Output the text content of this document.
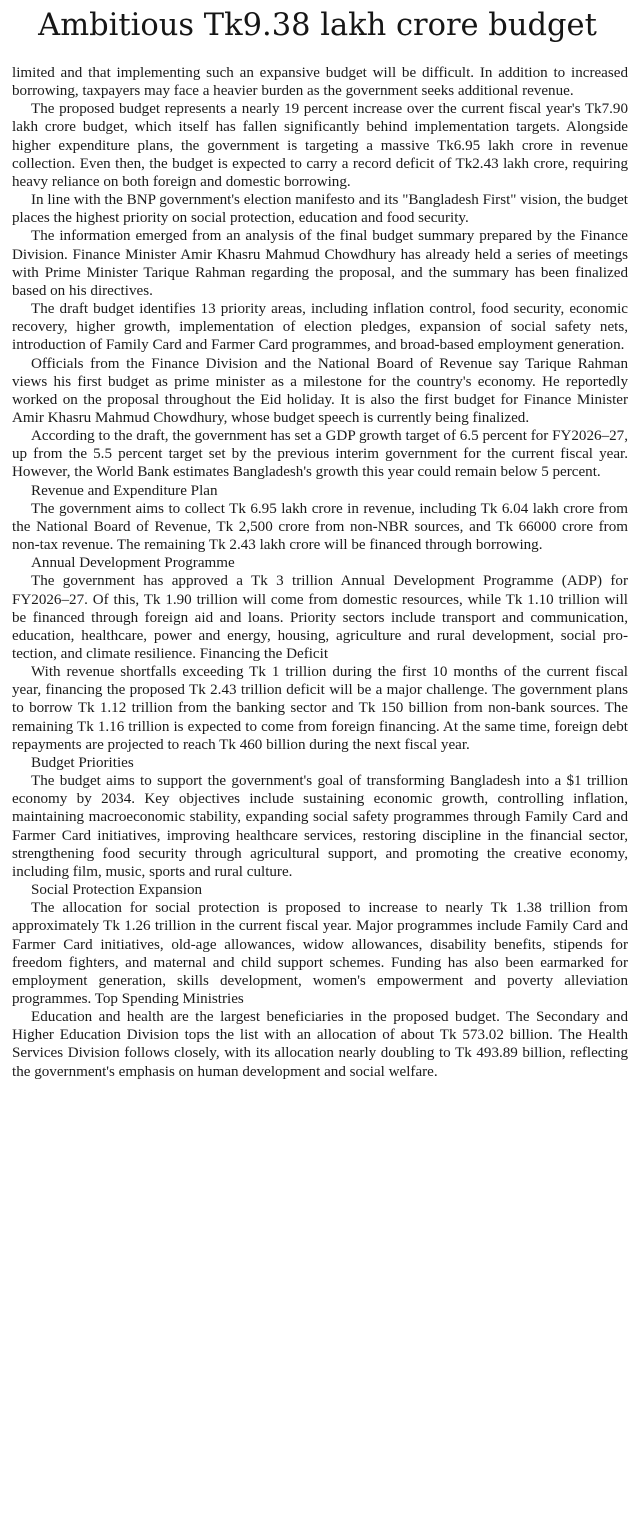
Ambitious Tk9.38 lakh crore budget

limited and that implementing such an expansive budget will be difficult. In addition to increased borrowing, taxpayers may face a heavier burden as the government seeks additional revenue.

The proposed budget represents a nearly 19 percent increase over the current fiscal year's Tk7.90 lakh crore budget, which itself has fallen significantly behind implementation targets. Alongside higher expenditure plans, the government is targeting a massive Tk6.95 lakh crore in revenue collection. Even then, the budget is expected to carry a record deficit of Tk2.43 lakh crore, requiring heavy reliance on both foreign and domestic borrowing.

In line with the BNP government's election manifesto and its "Bangladesh First" vision, the budget places the highest priority on social protection, education and food security.

The information emerged from an analysis of the final budget summary prepared by the Finance Division. Finance Minister Amir Khasru Mahmud Chowdhury has already held a series of meetings with Prime Minister Tarique Rahman regarding the proposal, and the summary has been finalized based on his directives.

The draft budget identifies 13 priority areas, including inflation control, food security, economic recovery, higher growth, implementation of election pledges, expansion of social safety nets, introduction of Family Card and Farmer Card programmes, and broad-based employment generation.

Officials from the Finance Division and the National Board of Revenue say Tarique Rahman views his first budget as prime minister as a milestone for the country's economy. He reportedly worked on the proposal throughout the Eid holiday. It is also the first budget for Finance Minister Amir Khasru Mahmud Chowdhury, whose budget speech is currently being finalized.

According to the draft, the government has set a GDP growth target of 6.5 percent for FY2026–27, up from the 5.5 percent target set by the previous interim government for the current fiscal year. However, the World Bank estimates Bangladesh's growth this year could remain below 5 percent.

Revenue and Expenditure Plan

The government aims to collect Tk 6.95 lakh crore in revenue, including Tk 6.04 lakh crore from the National Board of Revenue, Tk 2,500 crore from non-NBR sources, and Tk 66000 crore from non-tax revenue. The remaining Tk 2.43 lakh crore will be financed through borrowing.

Annual Development Programme

The government has approved a Tk 3 trillion Annual Development Programme (ADP) for FY2026–27. Of this, Tk 1.90 trillion will come from domestic resources, while Tk 1.10 trillion will be financed through foreign aid and loans. Priority sectors include transport and communication, education, healthcare, power and energy, housing, agriculture and rural development, social protection, and climate resilience. Financing the Deficit

With revenue shortfalls exceeding Tk 1 trillion during the first 10 months of the current fiscal year, financing the proposed Tk 2.43 trillion deficit will be a major challenge. The government plans to borrow Tk 1.12 trillion from the banking sector and Tk 150 billion from non-bank sources. The remaining Tk 1.16 trillion is expected to come from foreign financing. At the same time, foreign debt repayments are projected to reach Tk 460 billion during the next fiscal year.

Budget Priorities

The budget aims to support the government's goal of transforming Bangladesh into a $1 trillion economy by 2034. Key objectives include sustaining economic growth, controlling inflation, maintaining macroeconomic stability, expanding social safety programmes through Family Card and Farmer Card initiatives, improving healthcare services, restoring discipline in the financial sector, strengthening food security through agricultural support, and promoting the creative economy, including film, music, sports and rural culture.

Social Protection Expansion

The allocation for social protection is proposed to increase to nearly Tk 1.38 trillion from approximately Tk 1.26 trillion in the current fiscal year. Major programmes include Family Card and Farmer Card initiatives, old-age allowances, widow allowances, disability benefits, stipends for freedom fighters, and maternal and child support schemes. Funding has also been earmarked for employment generation, skills development, women's empowerment and poverty alleviation programmes. Top Spending Ministries

Education and health are the largest beneficiaries in the proposed budget. The Secondary and Higher Education Division tops the list with an allocation of about Tk 573.02 billion. The Health Services Division follows closely, with its allocation nearly doubling to Tk 493.89 billion, reflecting the government's emphasis on human development and social welfare.
